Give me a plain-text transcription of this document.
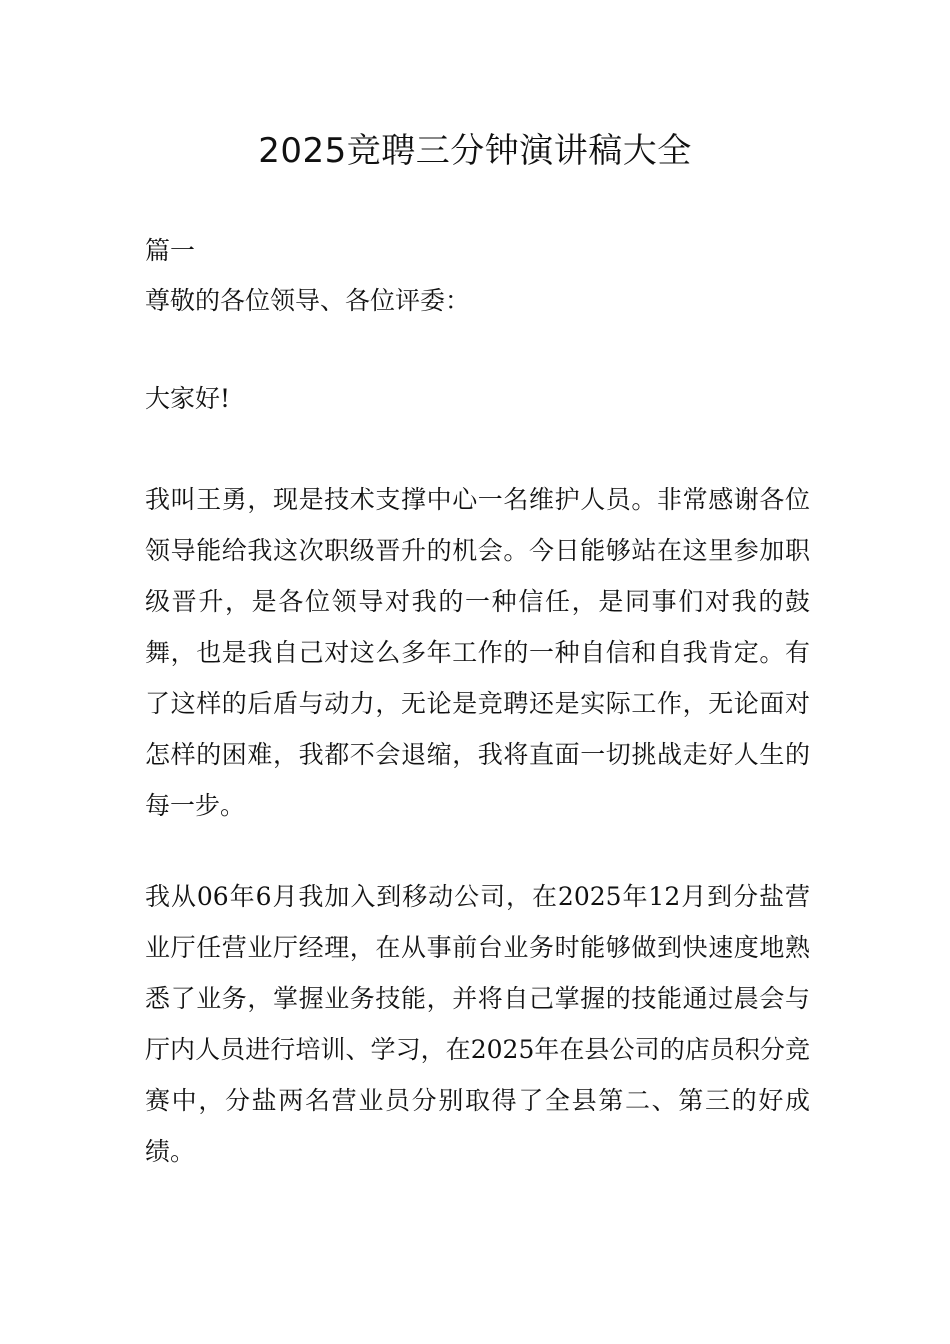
2025竞聘三分钟演讲稿大全

篇一

尊敬的各位领导、各位评委：

大家好!

我叫王勇，现是技术支撑中心一名维护人员。非常感谢各位领导能给我这次职级晋升的机会。今日能够站在这里参加职级晋升，是各位领导对我的一种信任，是同事们对我的鼓舞，也是我自己对这么多年工作的一种自信和自我肯定。有了这样的后盾与动力，无论是竞聘还是实际工作，无论面对怎样的困难，我都不会退缩，我将直面一切挑战走好人生的每一步。

我从06年6月我加入到移动公司，在2025年12月到分盐营业厅任营业厅经理，在从事前台业务时能够做到快速度地熟悉了业务，掌握业务技能，并将自己掌握的技能通过晨会与厅内人员进行培训、学习，在2025年在县公司的店员积分竞赛中，分盐两名营业员分别取得了全县第二、第三的好成绩。
